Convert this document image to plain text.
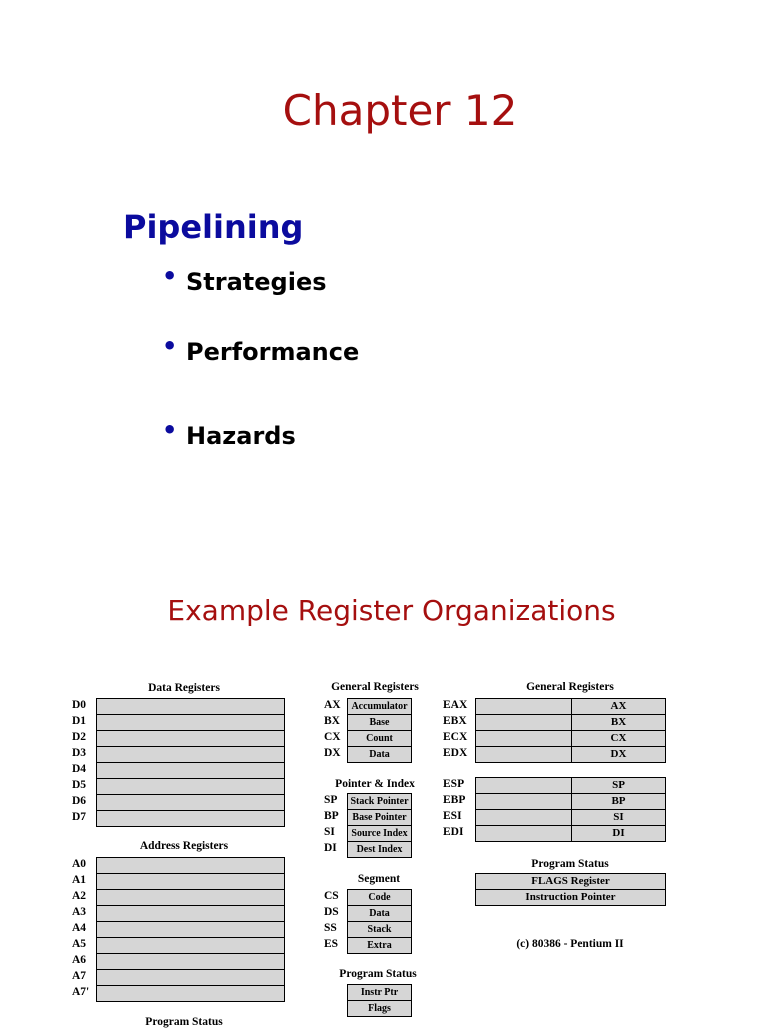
Chapter 12
Pipelining
• Strategies
• Performance
• Hazards
Example Register Organizations
Data Registers
D0
D1
D2
D3
D4
D5
D6
D7
Address Registers
A0
A1
A2
A3
A4
A5
A6
A7
A7'
Program Status
General Registers
AX	Accumulator
BX	Base
CX	Count
DX	Data
Pointer & Index
SP	Stack Pointer
BP	Base Pointer
SI	Source Index
DI	Dest Index
Segment
CS	Code
DS	Data
SS	Stack
ES	Extra
Program Status
Instr Ptr
Flags
General Registers
EAX	AX
EBX	BX
ECX	CX
EDX	DX
ESP	SP
EBP	BP
ESI	SI
EDI	DI
Program Status
FLAGS Register
Instruction Pointer
(c) 80386 - Pentium II
